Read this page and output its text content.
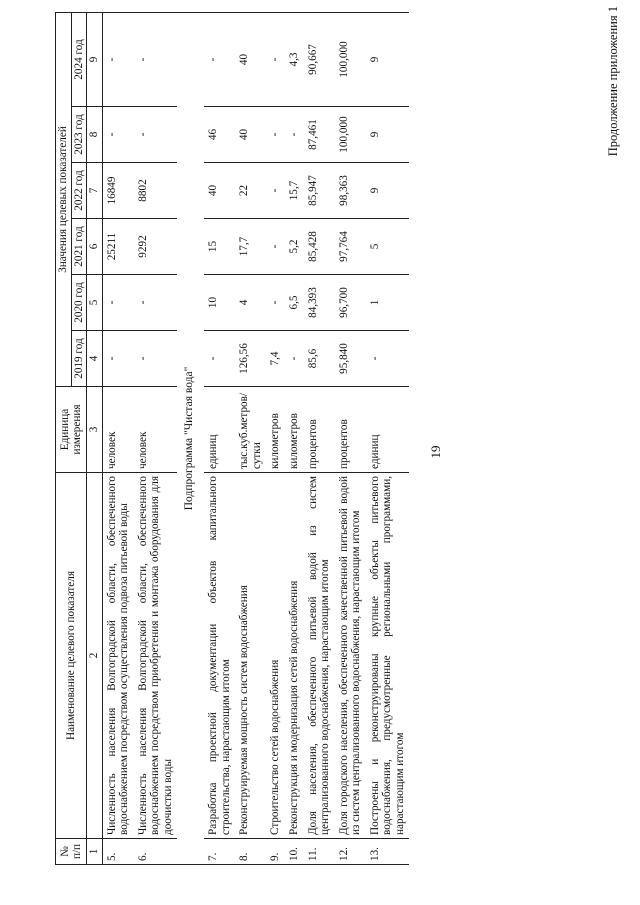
19
Продолжение приложения 1
№ п/п	Наименование целевого показателя	Единица измерения	Значения целевых показателей					
			2019 год	2020 год	2021 год	2022 год	2023 год	2024 год
1	2	3	4	5	6	7	8	9
5.	Численность населения Волгоградской области, обеспеченного водоснабжением посредством осуществления подвоза питьевой воды	человек	-	-	25211	16849	-	-
6.	Численность населения Волгоградской области, обеспеченного водоснабжением посредством приобретения и монтажа оборудования для доочистки воды	человек	-	-	9292	8802	-	-
Подпрограмма "Чистая вода"								
7.	Разработка проектной документации объектов капитального строительства, нарастающим итогом	единиц	-	10	15	40	46	-
8.	Реконструируемая мощность систем водоснабжения	тыс.куб.метров/сутки	126,56	4	17,7	22	40	40
9.	Строительство сетей водоснабжения	километров	7,4	-	-	-	-	-
10.	Реконструкция и модернизация сетей водоснабжения	километров	-	6,5	5,2	15,7	-	4,3
11.	Доля населения, обеспеченного питьевой водой из систем централизованного водоснабжения, нарастающим итогом	процентов	85,6	84,393	85,428	85,947	87,461	90,667
12.	Доля городского населения, обеспеченного качественной питьевой водой из систем централизованного водоснабжения, нарастающим итогом	процентов	95,840	96,700	97,764	98,363	100,000	100,000
13.	Построены и реконструированы крупные объекты питьевого водоснабжения, предусмотренные региональными программами, нарастающим итогом	единиц	-	1	5	9	9	9
